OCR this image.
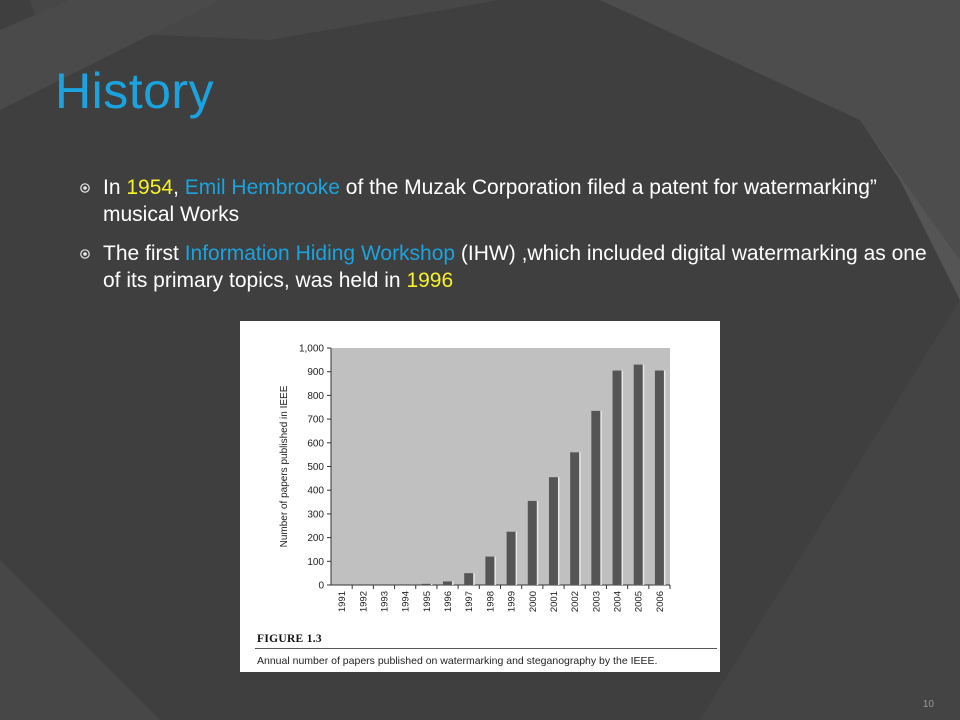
History
In 1954, Emil Hembrooke of the Muzak Corporation filed a patent for watermarking” musical Works
The first Information Hiding Workshop (IHW) ,which included digital watermarking as one of its primary topics, was held in 1996
0
100
200
300
400
500
600
700
800
900
1,000
1991 1992 1993 1994 1995 1996 1997 1998 1999 2000 2001 2002 2003 2004 2005 2006
Number of papers published in IEEE
FIGURE 1.3
Annual number of papers published on watermarking and steganography by the IEEE.
10
